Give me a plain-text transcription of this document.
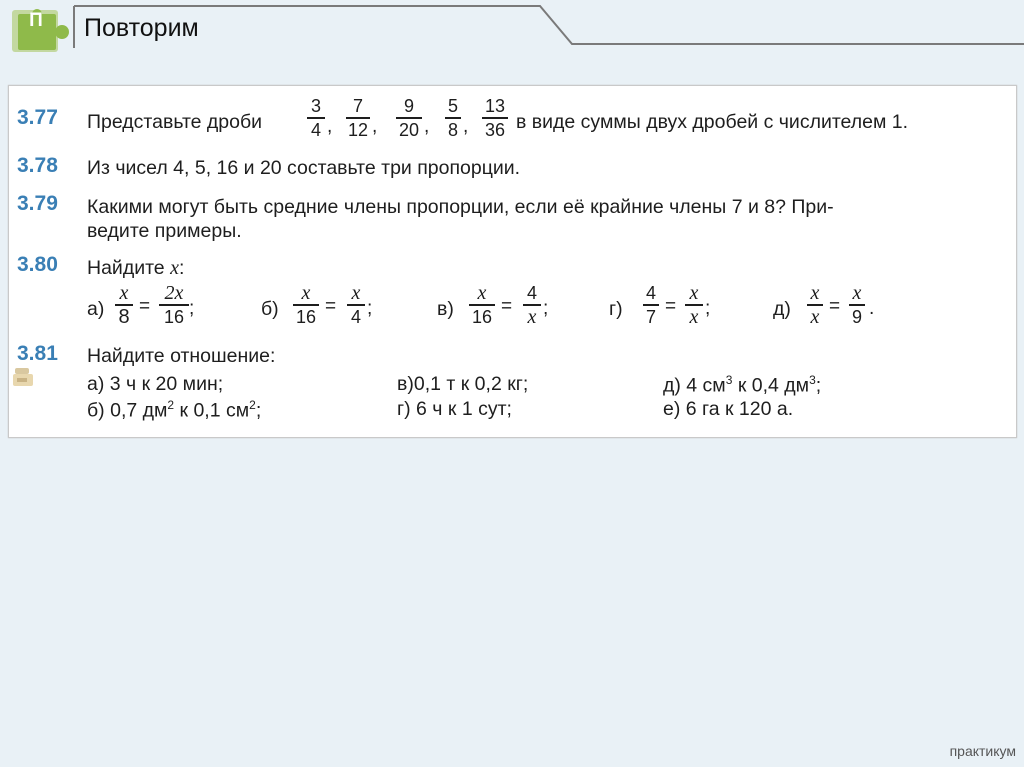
П Повторим
3.77 Представьте дроби
3
4 ,
7
12 ,
9
20 ,
5
8 ,
13
36 в виде суммы двух дробей с числителем 1.
3.78 Из чисел 4, 5, 16 и 20 составьте три пропорции.
3.79 Какими могут быть средние члены пропорции, если её крайние члены 7 и 8? При-
ведите примеры.
3.80 Найдите x:
а)
x
8 =
2x
16 ;	б)
x
16 =
x
4 ;	в)
x
16 =
4
x ;	г)
4
7 =
x
x ;	д)
x
x =
x
9 .
3.81 Найдите отношение:
а) 3 ч к 20 мин;
б) 0,7 $дм^2$ к 0,1 $см^2$;
в)0,1 т к 0,2 кг;
г) 6 ч к 1 сут;
д) 4 $см^3$ к 0,4 $дм^3$;
е) 6 га к 120 а.
практикум
